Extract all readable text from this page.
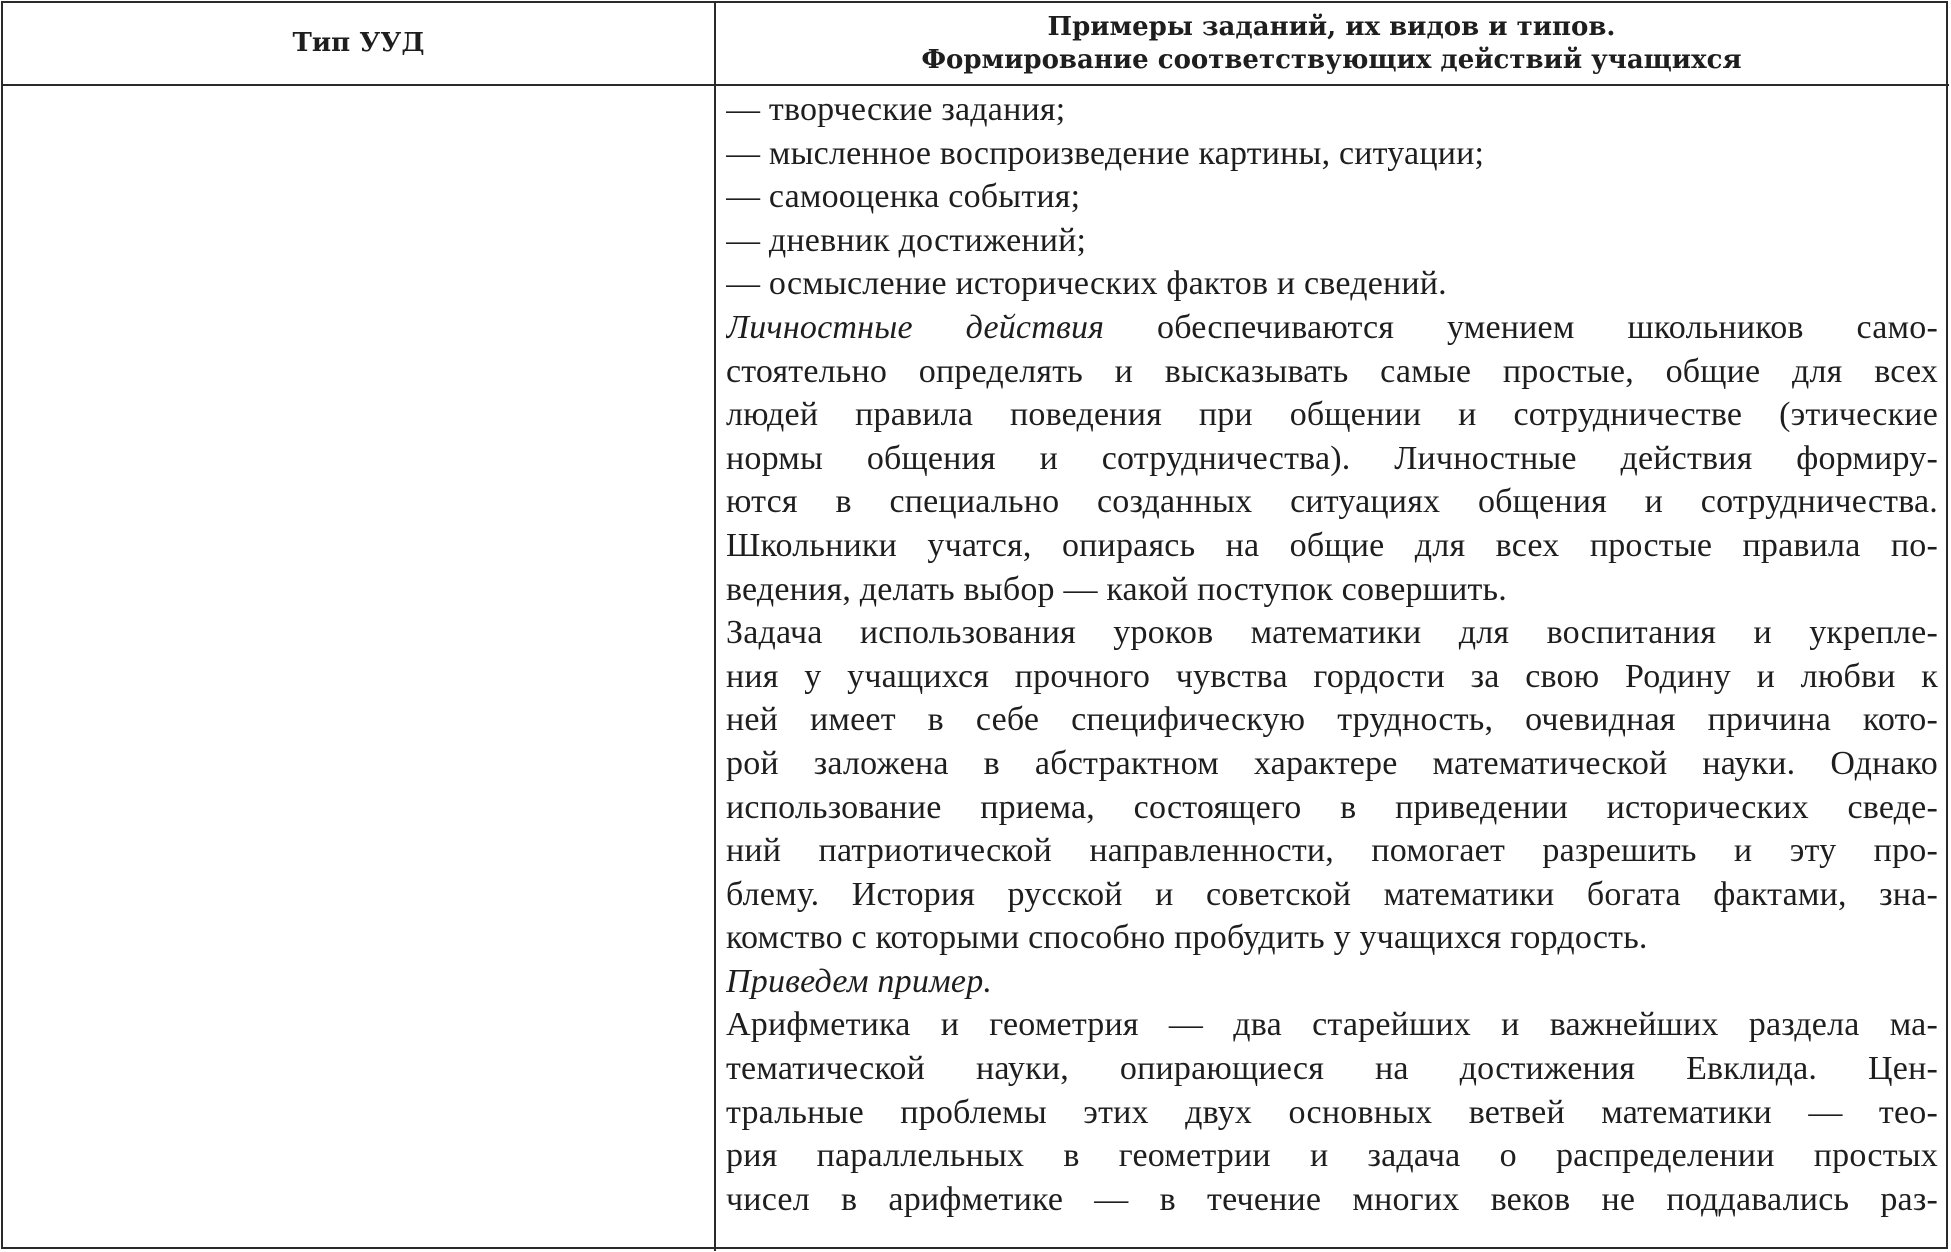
Тип УУД
Примеры заданий, их видов и типов.
Формирование соответствующих действий учащихся
— творческие задания;
— мысленное воспроизведение картины, ситуации;
— самооценка события;
— дневник достижений;
— осмысление исторических фактов и сведений.
Личностные действия обеспечиваются умением школьников само-
стоятельно определять и высказывать самые простые, общие для всех
людей правила поведения при общении и сотрудничестве (этические
нормы общения и сотрудничества). Личностные действия формиру-
ются в специально созданных ситуациях общения и сотрудничества.
Школьники учатся, опираясь на общие для всех простые правила по-
ведения, делать выбор — какой поступок совершить.
Задача использования уроков математики для воспитания и укрепле-
ния у учащихся прочного чувства гордости за свою Родину и любви к
ней имеет в себе специфическую трудность, очевидная причина кото-
рой заложена в абстрактном характере математической науки. Однако
использование приема, состоящего в приведении исторических сведе-
ний патриотической направленности, помогает разрешить и эту про-
блему. История русской и советской математики богата фактами, зна-
комство с которыми способно пробудить у учащихся гордость.
Приведем пример.
Арифметика и геометрия — два старейших и важнейших раздела ма-
тематической науки, опирающиеся на достижения Евклида. Цен-
тральные проблемы этих двух основных ветвей математики — тео-
рия параллельных в геометрии и задача о распределении простых
чисел в арифметике — в течение многих веков не поддавались раз-
